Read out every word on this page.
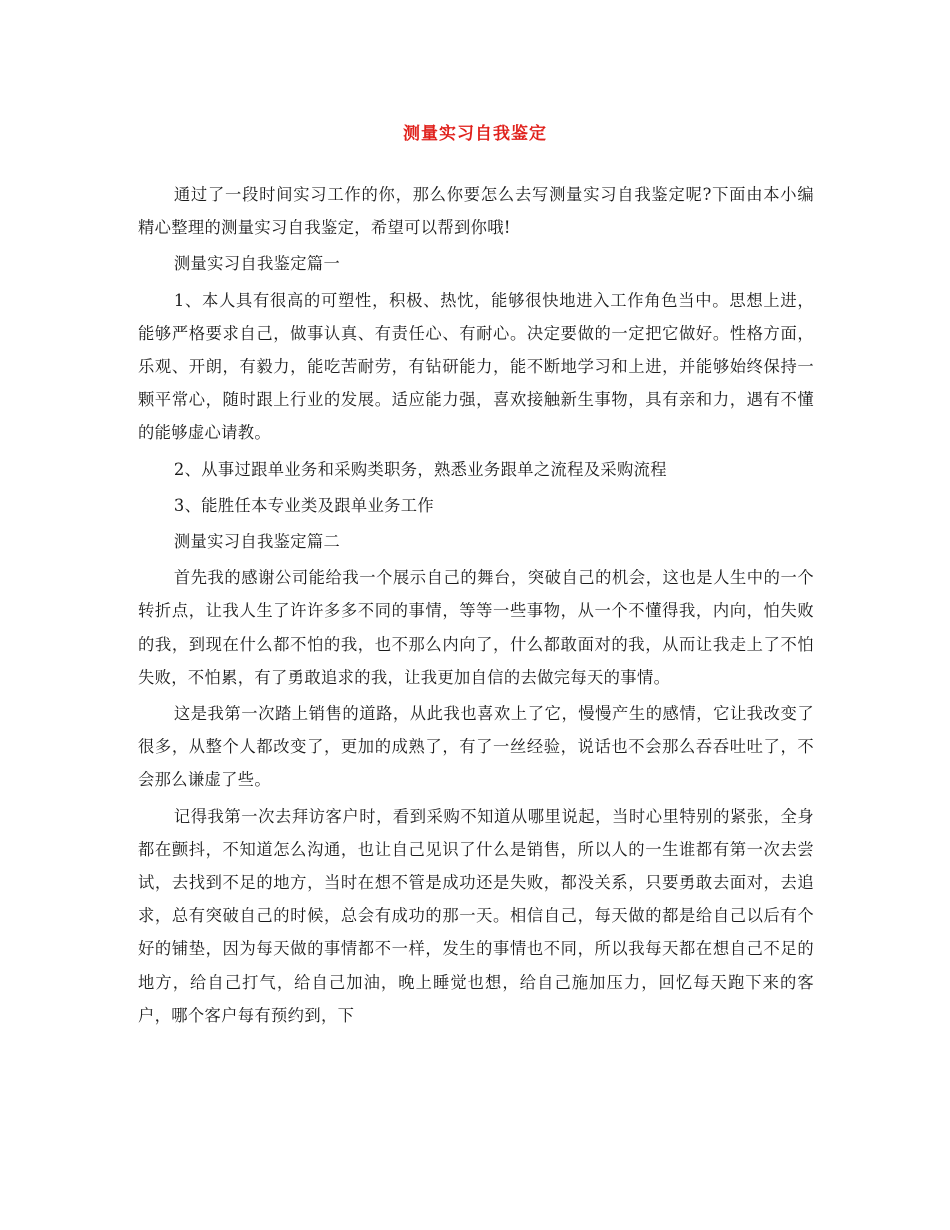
测量实习自我鉴定

通过了一段时间实习工作的你，那么你要怎么去写测量实习自我鉴定呢?下面由本小编精心整理的测量实习自我鉴定，希望可以帮到你哦!

测量实习自我鉴定篇一

1、本人具有很高的可塑性，积极、热忱，能够很快地进入工作角色当中。思想上进，能够严格要求自己，做事认真、有责任心、有耐心。决定要做的一定把它做好。性格方面，乐观、开朗，有毅力，能吃苦耐劳，有钻研能力，能不断地学习和上进，并能够始终保持一颗平常心，随时跟上行业的发展。适应能力强，喜欢接触新生事物，具有亲和力，遇有不懂的能够虚心请教。

2、从事过跟单业务和采购类职务，熟悉业务跟单之流程及采购流程

3、能胜任本专业类及跟单业务工作

测量实习自我鉴定篇二

首先我的感谢公司能给我一个展示自己的舞台，突破自己的机会，这也是人生中的一个转折点，让我人生了许许多多不同的事情，等等一些事物，从一个不懂得我，内向，怕失败的我，到现在什么都不怕的我，也不那么内向了，什么都敢面对的我，从而让我走上了不怕失败，不怕累，有了勇敢追求的我，让我更加自信的去做完每天的事情。

这是我第一次踏上销售的道路，从此我也喜欢上了它，慢慢产生的感情，它让我改变了很多，从整个人都改变了，更加的成熟了，有了一丝经验，说话也不会那么吞吞吐吐了，不会那么谦虚了些。

记得我第一次去拜访客户时，看到采购不知道从哪里说起，当时心里特别的紧张，全身都在颤抖，不知道怎么沟通，也让自己见识了什么是销售，所以人的一生谁都有第一次去尝试，去找到不足的地方，当时在想不管是成功还是失败，都没关系，只要勇敢去面对，去追求，总有突破自己的时候，总会有成功的那一天。相信自己，每天做的都是给自己以后有个好的铺垫，因为每天做的事情都不一样，发生的事情也不同，所以我每天都在想自己不足的地方，给自己打气，给自己加油，晚上睡觉也想，给自己施加压力，回忆每天跑下来的客户，哪个客户每有预约到，下
